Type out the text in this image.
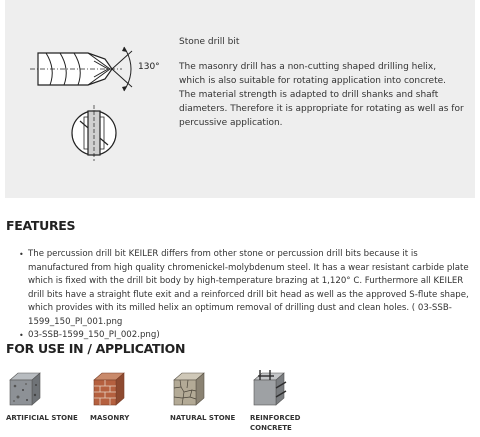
130°
Stone drill bit
The masonry drill has a non-cutting shaped drilling helix, which is also suitable for rotating application into concrete. The material strength is adapted to drill shanks and shaft diameters. Therefore it is appropriate for rotating as well as for percussive application.
FEATURES
• The percussion drill bit KEILER differs from other stone or percussion drill bits because it is manufactured from high quality chromenickel-molybdenum steel. It has a wear resistant carbide plate which is fixed with the drill bit body by high-temperature brazing at 1,120° C. Furthermore all KEILER drill bits have a straight flute exit and a reinforced drill bit head as well as the approved S-flute shape, which provides with its milled helix an optimum removal of drilling dust and clean holes. ( 03-SSB-1599_150_PI_001.png
• 03-SSB-1599_150_PI_002.png)
FOR USE IN / APPLICATION
ARTIFICIAL STONE	MASONRY	NATURAL STONE	REINFORCED CONCRETE
